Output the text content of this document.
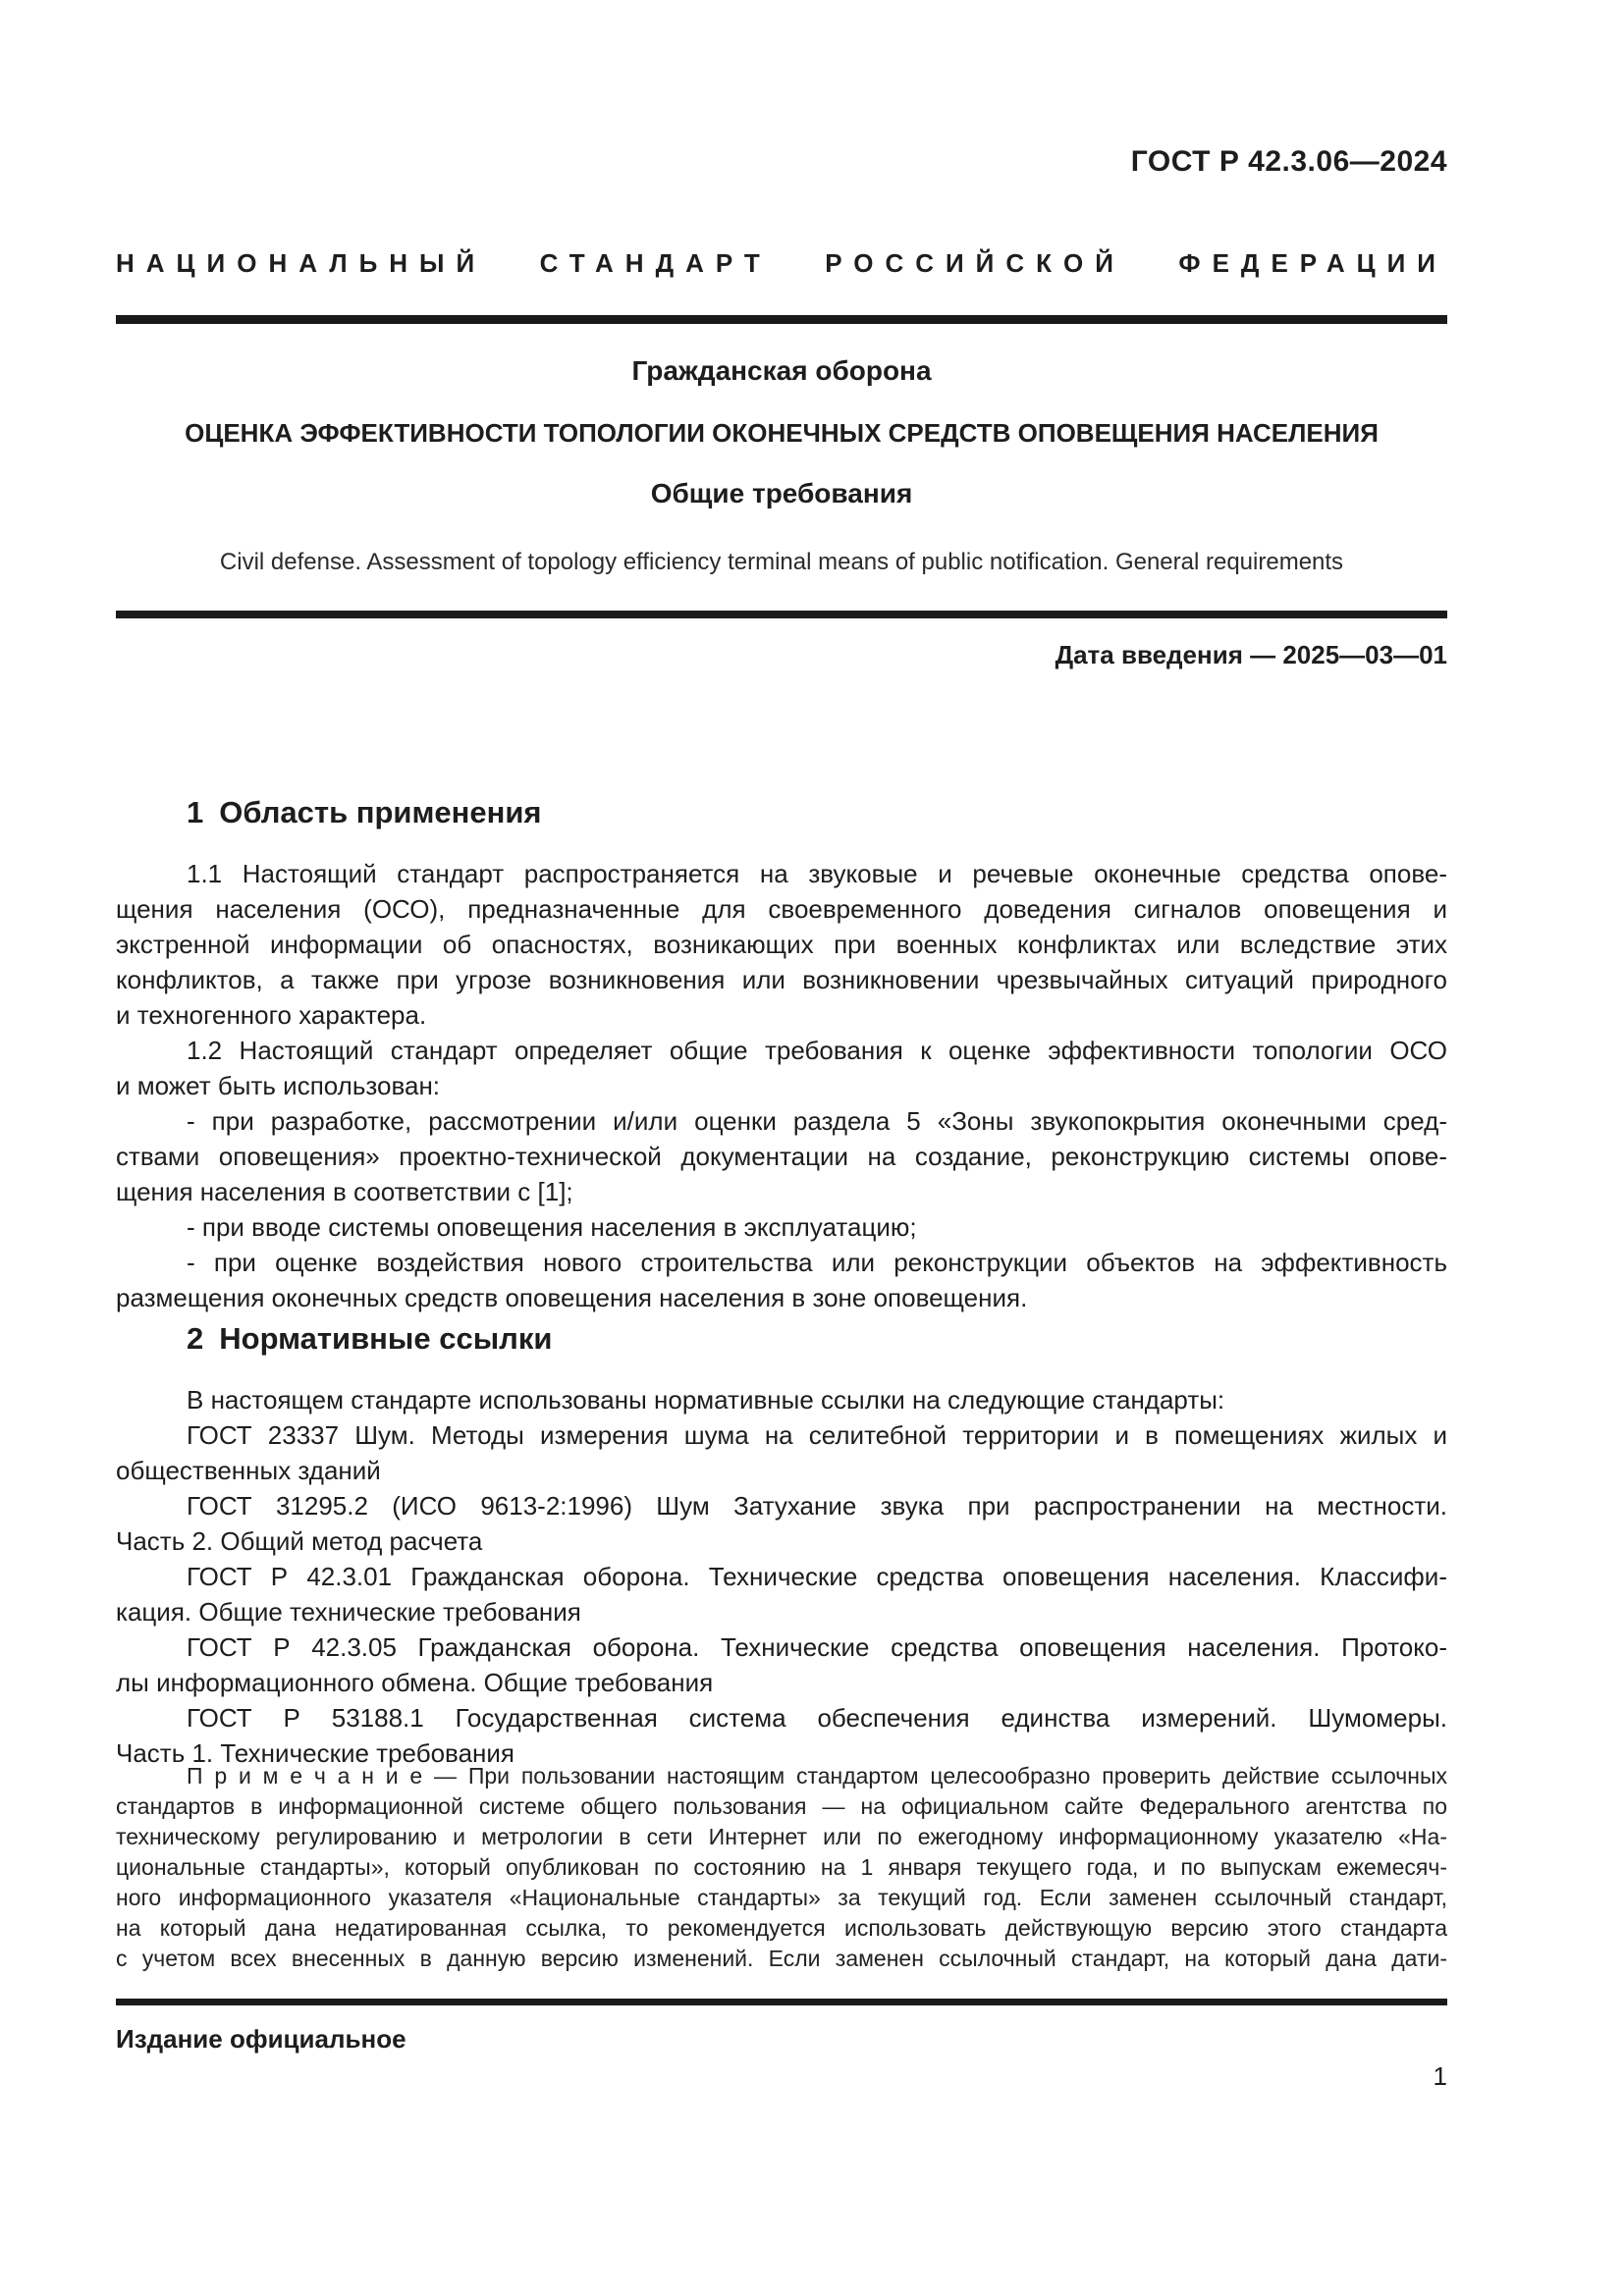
ГОСТ Р 42.3.06—2024
НАЦИОНАЛЬНЫЙ СТАНДАРТ РОССИЙСКОЙ ФЕДЕРАЦИИ
Гражданская оборона
ОЦЕНКА ЭФФЕКТИВНОСТИ ТОПОЛОГИИ ОКОНЕЧНЫХ СРЕДСТВ ОПОВЕЩЕНИЯ НАСЕЛЕНИЯ
Общие требования
Civil defense. Assessment of topology efficiency terminal means of public notification. General requirements
Дата введения — 2025—03—01
1 Область применения
1.1 Настоящий стандарт распространяется на звуковые и речевые оконечные средства опове-
щения населения (ОСО), предназначенные для своевременного доведения сигналов оповещения и
экстренной информации об опасностях, возникающих при военных конфликтах или вследствие этих
конфликтов, а также при угрозе возникновения или возникновении чрезвычайных ситуаций природного
и техногенного характера.
1.2 Настоящий стандарт определяет общие требования к оценке эффективности топологии ОСО
и может быть использован:
- при разработке, рассмотрении и/или оценки раздела 5 «Зоны звукопокрытия оконечными сред-
ствами оповещения» проектно-технической документации на создание, реконструкцию системы опове-
щения населения в соответствии с [1];
- при вводе системы оповещения населения в эксплуатацию;
- при оценке воздействия нового строительства или реконструкции объектов на эффективность
размещения оконечных средств оповещения населения в зоне оповещения.
2 Нормативные ссылки
В настоящем стандарте использованы нормативные ссылки на следующие стандарты:
ГОСТ 23337 Шум. Методы измерения шума на селитебной территории и в помещениях жилых и
общественных зданий
ГОСТ 31295.2 (ИСО 9613-2:1996) Шум Затухание звука при распространении на местности.
Часть 2. Общий метод расчета
ГОСТ Р 42.3.01 Гражданская оборона. Технические средства оповещения населения. Классифи-
кация. Общие технические требования
ГОСТ Р 42.3.05 Гражданская оборона. Технические средства оповещения населения. Протоко-
лы информационного обмена. Общие требования
ГОСТ Р 53188.1 Государственная система обеспечения единства измерений. Шумомеры.
Часть 1. Технические требования
П р и м е ч а н и е — При пользовании настоящим стандартом целесообразно проверить действие ссылочных
стандартов в информационной системе общего пользования — на официальном сайте Федерального агентства по
техническому регулированию и метрологии в сети Интернет или по ежегодному информационному указателю «На-
циональные стандарты», который опубликован по состоянию на 1 января текущего года, и по выпускам ежемесяч-
ного информационного указателя «Национальные стандарты» за текущий год. Если заменен ссылочный стандарт,
на который дана недатированная ссылка, то рекомендуется использовать действующую версию этого стандарта
с учетом всех внесенных в данную версию изменений. Если заменен ссылочный стандарт, на который дана дати-
Издание официальное
1
